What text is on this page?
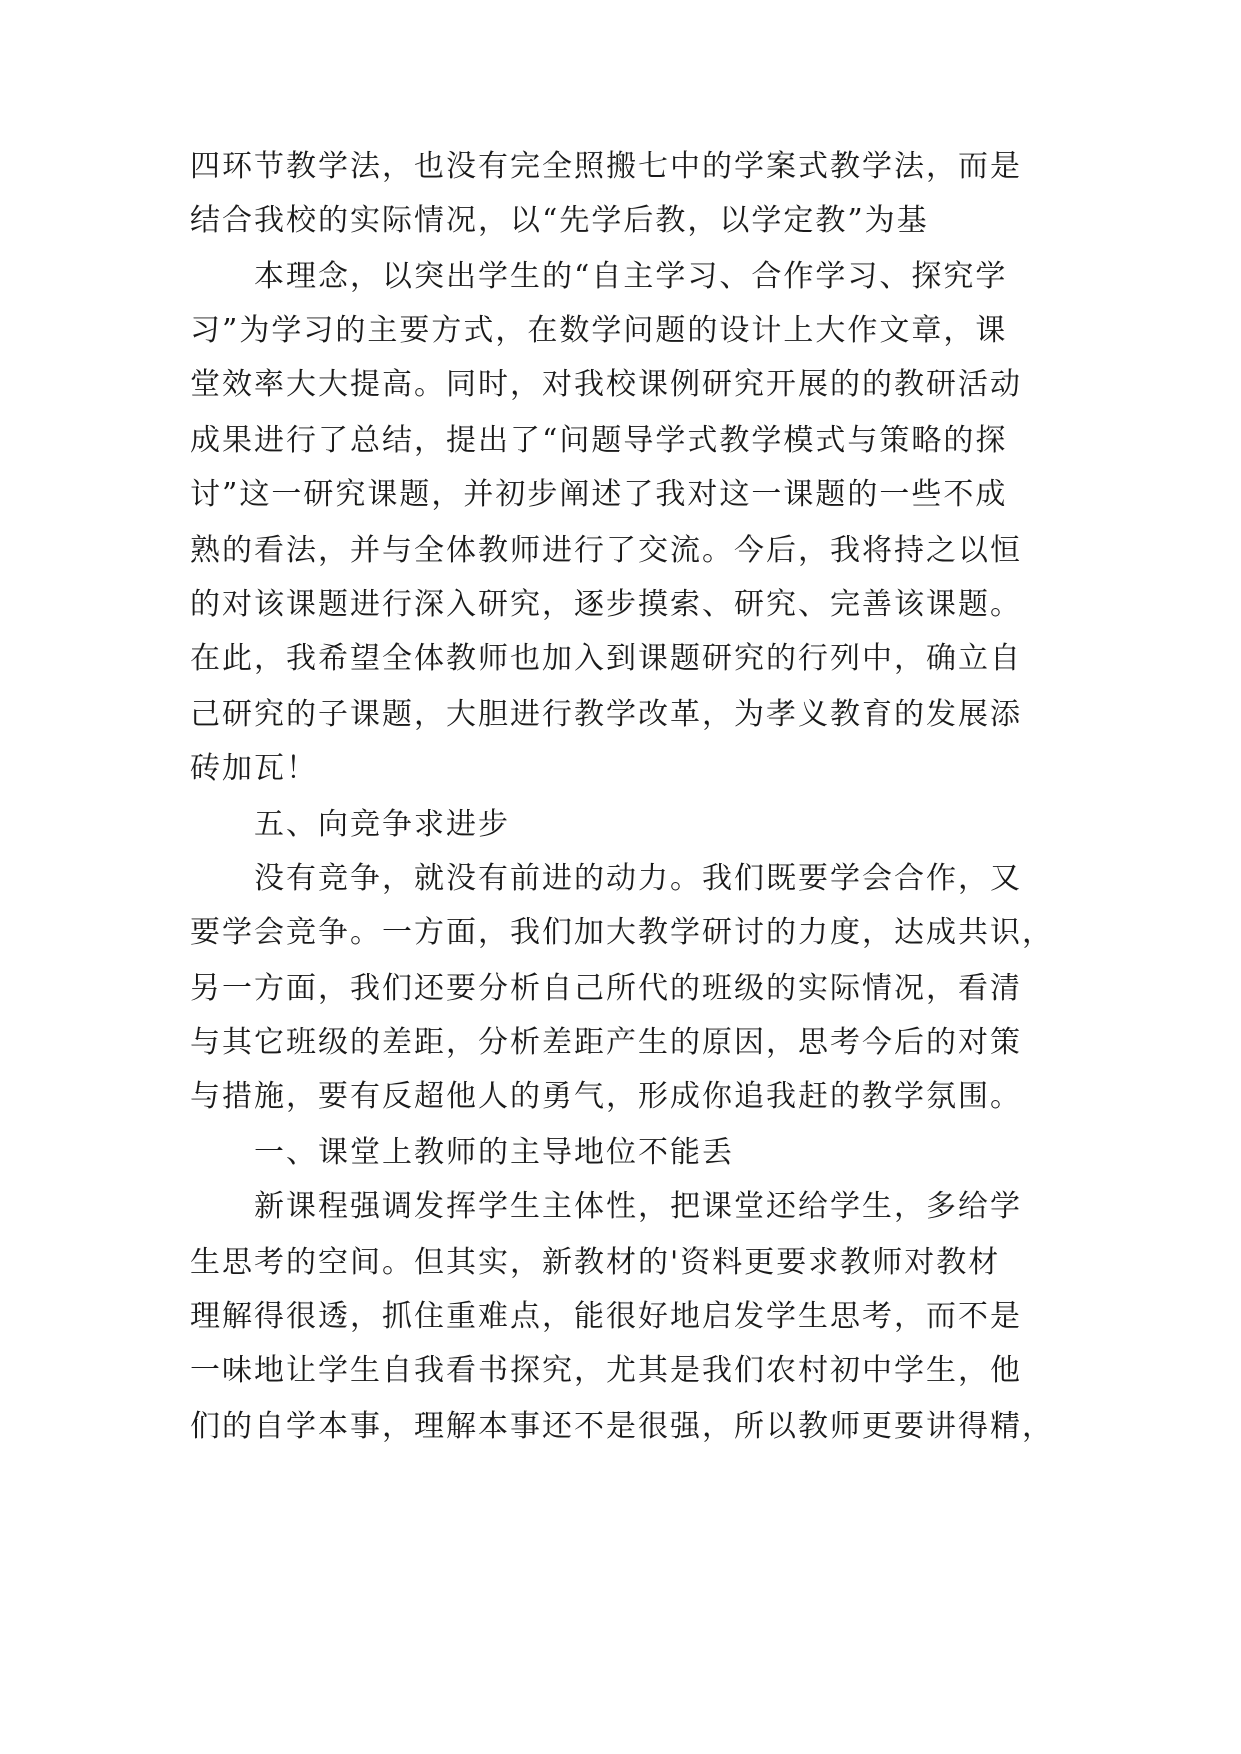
四环节教学法，也没有完全照搬七中的学案式教学法，而是
结合我校的实际情况，以“先学后教，以学定教”为基
本理念，以突出学生的“自主学习、合作学习、探究学
习”为学习的主要方式，在数学问题的设计上大作文章，课
堂效率大大提高。同时，对我校课例研究开展的的教研活动
成果进行了总结，提出了“问题导学式教学模式与策略的探
讨”这一研究课题，并初步阐述了我对这一课题的一些不成
熟的看法，并与全体教师进行了交流。今后，我将持之以恒
的对该课题进行深入研究，逐步摸索、研究、完善该课题。
在此，我希望全体教师也加入到课题研究的行列中，确立自
己研究的子课题，大胆进行教学改革，为孝义教育的发展添
砖加瓦！
五、向竞争求进步
没有竞争，就没有前进的动力。我们既要学会合作，又
要学会竞争。一方面，我们加大教学研讨的力度，达成共识，
另一方面，我们还要分析自己所代的班级的实际情况，看清
与其它班级的差距，分析差距产生的原因，思考今后的对策
与措施，要有反超他人的勇气，形成你追我赶的教学氛围。
一、课堂上教师的主导地位不能丢
新课程强调发挥学生主体性，把课堂还给学生，多给学
生思考的空间。但其实，新教材的'资料更要求教师对教材
理解得很透，抓住重难点，能很好地启发学生思考，而不是
一味地让学生自我看书探究，尤其是我们农村初中学生，他
们的自学本事，理解本事还不是很强，所以教师更要讲得精，
